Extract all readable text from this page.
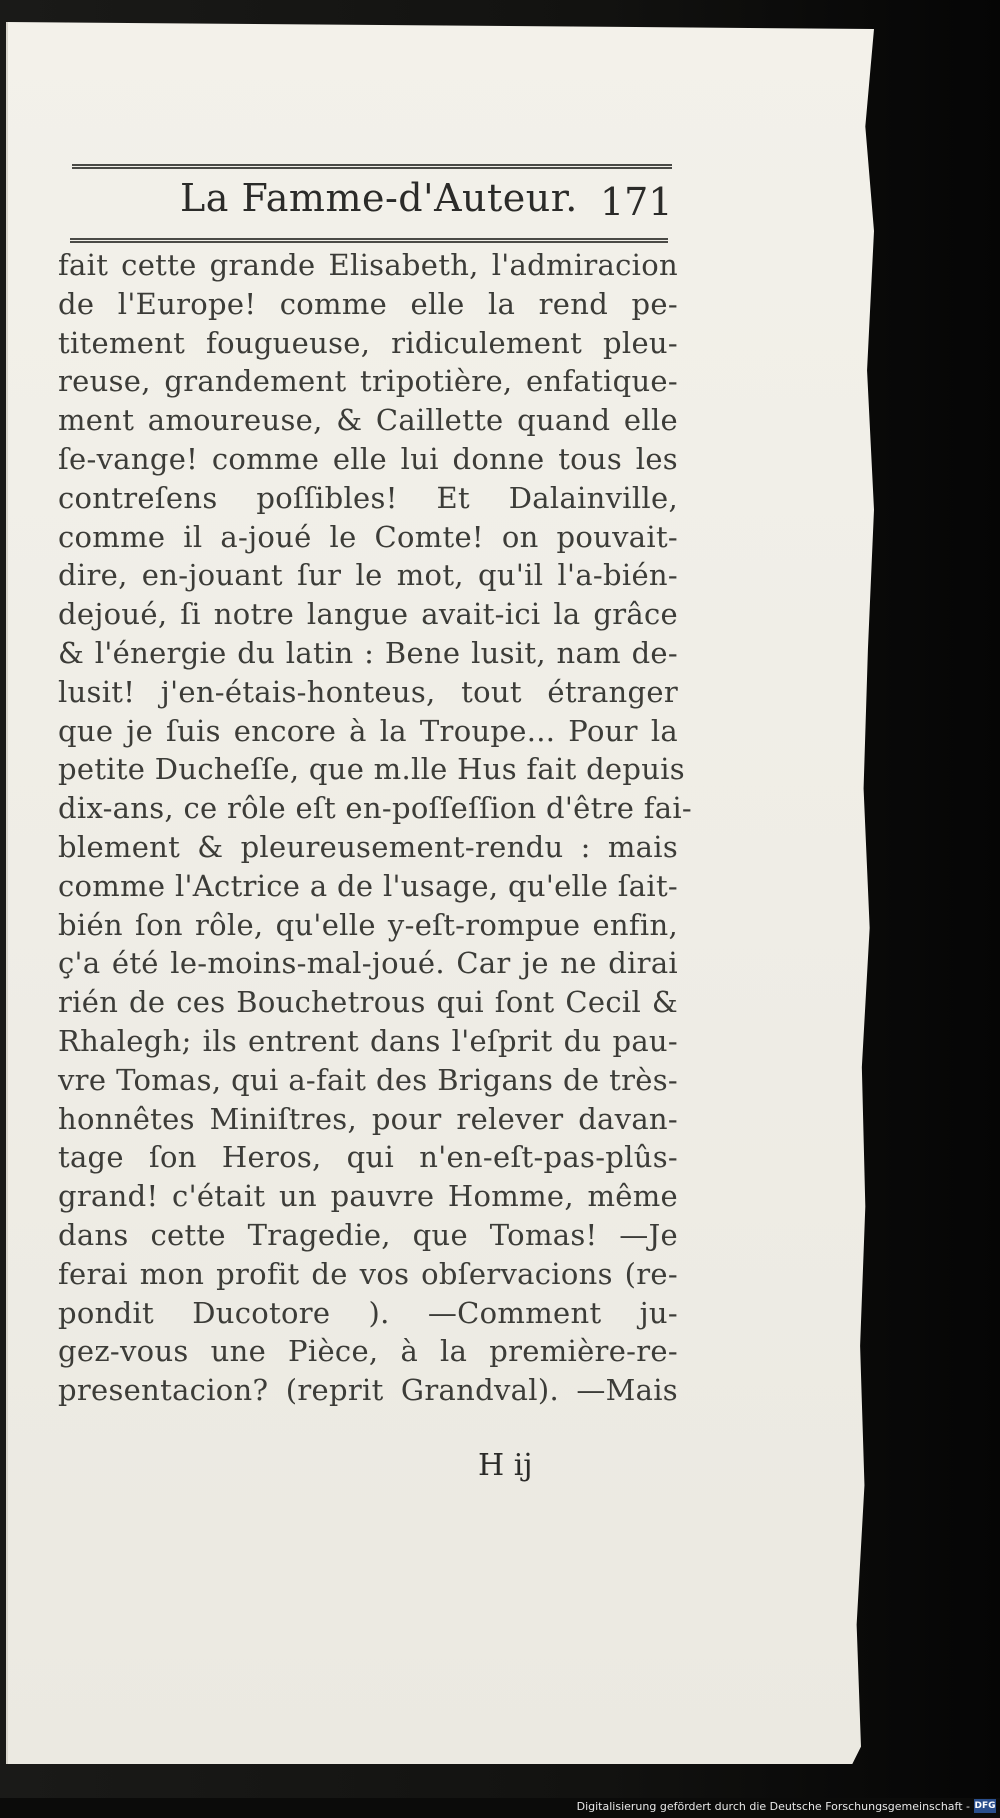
La Famme-d'Auteur. 171
fait cette grande Elisabeth, l'admiracion
de l'Europe! comme elle la rend pe-
titement fougueuse, ridiculement pleu-
reuse, grandement tripotière, enfatique-
ment amoureuse, & Caillette quand elle
ſe-vange! comme elle lui donne tous les
contreſens poſſibles! Et Dalainville,
comme il a-joué le Comte! on pouvait-
dire, en-jouant ſur le mot, qu'il l'a-bién-
dejoué, ſi notre langue avait-ici la grâce
& l'énergie du latin : Bene lusit, nam de-
lusit! j'en-étais-honteus, tout étranger
que je ſuis encore à la Troupe... Pour la
petite Ducheſſe, que m.lle Hus fait depuis
dix-ans, ce rôle eſt en-poſſeſſion d'être fai-
blement & pleureusement-rendu : mais
comme l'Actrice a de l'usage, qu'elle ſait-
bién ſon rôle, qu'elle y-eſt-rompue enfin,
ç'a été le-moins-mal-joué. Car je ne dirai
rién de ces Bouchetrous qui ſont Cecil &
Rhalegh; ils entrent dans l'eſprit du pau-
vre Tomas, qui a-fait des Brigans de très-
honnêtes Miniſtres, pour relever davan-
tage ſon Heros, qui n'en-eſt-pas-plûs-
grand! c'était un pauvre Homme, même
dans cette Tragedie, que Tomas! —Je
ferai mon profit de vos obſervacions (re-
pondit Ducotore ). —Comment ju-
gez-vous une Pièce, à la première-re-
presentacion? (reprit Grandval). —Mais
H ij
Digitalisierung gefördert durch die Deutsche Forschungsgemeinschaft - DFG
